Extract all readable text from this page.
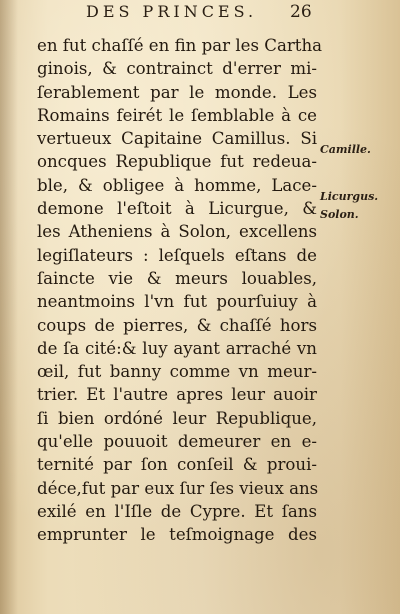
DES PRINCES. 26
en fut chaſſé en fin par les Cartha
ginois, & contrainct d'errer mi-
ſerablement par le monde. Les
Romains feirét le ſemblable à ce
vertueux Capitaine Camillus. Si
oncques Republique fut redeua-
ble, & obligee à homme, Lace-
demone l'eſtoit à Licurgue, &
les Atheniens à Solon, excellens
legiſlateurs : leſquels eſtans de
ſaincte vie & meurs louables,
neantmoins l'vn fut pourſuiuy à
coups de pierres, & chaſſé hors
de ſa cité:& luy ayant arraché vn
œil, fut banny comme vn meur-
trier. Et l'autre apres leur auoir
ſi bien ordóné leur Republique,
qu'elle pouuoit demeurer en e-
ternité par ſon conſeil & proui-
déce,fut par eux ſur ſes vieux ans
exilé en l'Iſle de Cypre. Et ſans
emprunter le teſmoignage des
Camille.
Licurgus.
Solon.
